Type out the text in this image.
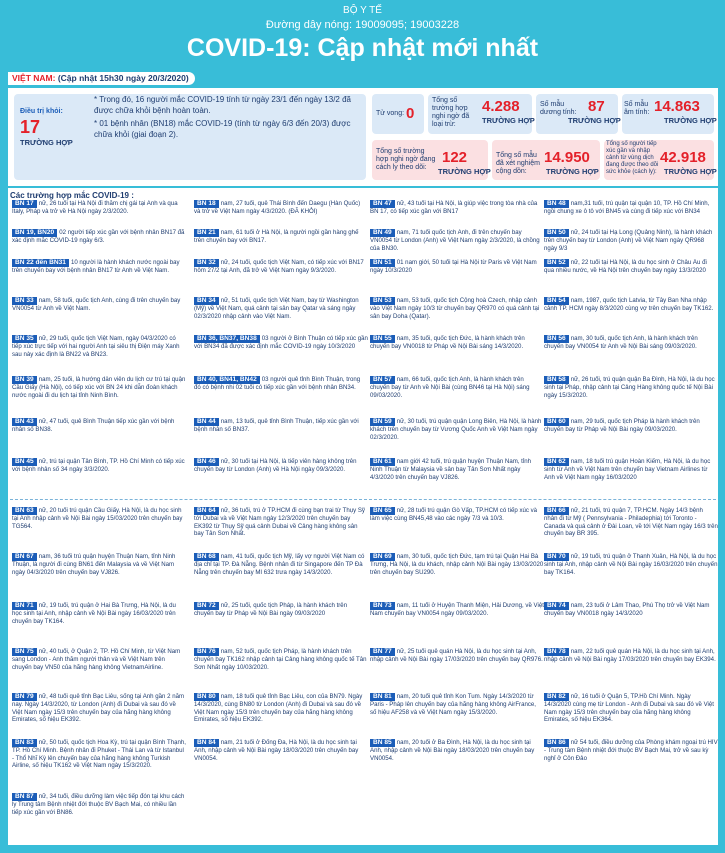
BỘ Y TẾ
Đường dây nóng: 19009095; 19003228
COVID-19: Cập nhật mới nhất
VIỆT NAM: (Cập nhật 15h30 ngày 20/3/2020)
Điều trị khỏi:
17
TRƯỜNG HỢP

* Trong đó, 16 người mắc COVID-19 tính từ ngày 23/1 đến ngày 13/2 đã được chữa khỏi bệnh hoàn toàn.

* 01 bệnh nhân (BN18) mắc COVID-19 (tính từ ngày 6/3 đến 20/3) được chữa khỏi (giai đoạn 2).

Tử vong: 0
Tổng số trường hợp nghi ngờ đã loại trừ:
4.288
TRƯỜNG HỢP
Số mẫu dương tính: 87
TRƯỜNG HỢP
Số mẫu âm tính: 14.863
TRƯỜNG HỢP
Tổng số trường hợp nghi ngờ đang cách ly theo dõi:
122
TRƯỜNG HỢP
Tổng số mẫu đã xét nghiệm cộng dồn:
14.950
TRƯỜNG HỢP
Tổng số người tiếp xúc gần và nhập cảnh từ vùng dịch đang được theo dõi sức khỏe (cách ly):
42.918
TRƯỜNG HỢP
Các trường hợp mắc COVID-19 :
BN 17 nữ, 26 tuổi tại Hà Nội đi thăm chị gái tại Anh và qua Italy, Pháp và trở về Hà Nội ngày 2/3/2020.
BN 18 nam, 27 tuổi, quê Thái Bình đến Daegu (Hàn Quốc) và trở về Việt Nam ngày 4/3/2020. (ĐÃ KHỎI)
BN 47 nữ, 43 tuổi tại Hà Nội, là giúp việc trong tòa nhà của BN 17, có tiếp xúc gần với BN17
BN 48 nam,31 tuổi, trú quận tại quận 10, TP. Hồ Chí Minh, ngồi chung xe ô tô với BN45 và cùng đi tiếp xúc với BN34
BN 19, BN20 02 người tiếp xúc gần với bệnh nhân BN17 đã xác định mắc COVID-19 ngày 6/3.
BN 21 nam, 61 tuổi ở Hà Nội, là người ngồi gần hàng ghế trên chuyến bay với BN17.
BN 49 nam, 71 tuổi quốc tịch Anh, đi trên chuyến bay VN0054 từ London (Anh) về Việt Nam ngày 2/3/2020, là chồng của BN30.
BN 50 nữ, 24 tuổi tại Hạ Long (Quảng Ninh), là hành khách trên chuyến bay từ London (Anh) về Việt Nam ngày QR968 ngày 9/3
BN 22 đến BN31 10 người là hành khách nước ngoài bay trên chuyến bay với bệnh nhân BN17 từ Anh về Việt Nam.
BN 32 nữ, 24 tuổi, quốc tịch Việt Nam, có tiếp xúc với BN17 hôm 27/2 tại Anh, đã trở về Việt Nam ngày 9/3/2020.
BN 51 01 nam giới, 50 tuổi tại Hà Nội từ Paris về Việt Nam ngày 10/3/2020
BN 52 nữ, 22 tuổi tại Hà Nội, là du học sinh ở Châu Âu đi qua nhiều nước, về Hà Nội trên chuyến bay ngày 13/3/2020
BN 33 nam, 58 tuổi, quốc tịch Anh, cùng đi trên chuyến bay VN0054 từ Anh về Việt Nam.
BN 34 nữ, 51 tuổi, quốc tịch Việt Nam, bay từ Washington (Mỹ) về Việt Nam, quá cảnh tại sân bay Qatar và sáng ngày 02/3/2020 nhập cảnh vào Việt Nam.
BN 53 nam, 53 tuổi, quốc tịch Cộng hoà Czech, nhập cảnh vào Việt Nam ngày 10/3 từ chuyến bay QR970 có quá cảnh tại sân bay Doha (Qatar).
BN 54 nam, 1987, quốc tịch Latvia, từ Tây Ban Nha nhập cảnh TP. HCM ngày 8/3/2020 cùng vợ trên chuyến bay TK162.
BN 35 nữ, 29 tuổi, quốc tịch Việt Nam, ngày 04/3/2020 có tiếp xúc trực tiếp với hai người Anh tại siêu thị Điện máy Xanh sau này xác định là BN22 và BN23.
BN 36, BN37, BN38 03 người ở Bình Thuận có tiếp xúc gần với BN34 đã được xác định mắc COVID-19 ngày 10/3/2020
BN 55 nam, 35 tuổi, quốc tịch Đức, là hành khách trên chuyến bay VN0018 từ Pháp về Nội Bài sáng 14/3/2020.
BN 56 nam, 30 tuổi, quốc tịch Anh, là hành khách trên chuyến bay VN0054 từ Anh về Nội Bài sáng 09/03/2020.
BN 39 nam, 25 tuổi, là hướng dẫn viên du lịch cư trú tại quận Cầu Giấy (Hà Nội), có tiếp xúc với BN 24 khi dẫn đoàn khách nước ngoài đi du lịch tại tỉnh Ninh Bình.
BN 40, BN41, BN42 03 người quê tỉnh Bình Thuận, trong đó có bệnh nhi 02 tuổi có tiếp xúc gần với bệnh nhân BN34.
BN 57 nam, 66 tuổi, quốc tịch Anh, là hành khách trên chuyến bay từ Anh về Nội Bài (cùng BN46 tại Hà Nội) sáng 09/03/2020.
BN 58 nữ, 26 tuổi, trú quận quận Ba Đình, Hà Nội, là du học sinh tại Pháp, nhập cảnh tại Cảng Hàng không quốc tế Nội Bài ngày 15/3/2020.
BN 43 nữ, 47 tuổi, quê Bình Thuận tiếp xúc gần với bệnh nhân số BN38.
BN 44 nam, 13 tuổi, quê tỉnh Bình Thuận, tiếp xúc gần với bệnh nhân số BN37.
BN 59 nữ, 30 tuổi, trú quận quận Long Biên, Hà Nội, là hành khách trên chuyến bay từ Vương Quốc Anh về Việt Nam ngày 02/3/2020.
BN 60 nam, 29 tuổi, quốc tịch Pháp là hành khách trên chuyến bay từ Pháp về Nội Bài ngày 09/03/2020.
BN 45 nữ, trú tại quận Tân Bình, TP. Hồ Chí Minh có tiếp xúc với bệnh nhân số 34 ngày 3/3/2020.
BN 46 nữ, 30 tuổi tại Hà Nội, là tiếp viên hàng không trên chuyến bay từ London (Anh) về Hà Nội ngày 09/3/2020.
BN 61 nam giới 42 tuổi, trú quận huyện Thuận Nam, tỉnh Ninh Thuận từ Malaysia về sân bay Tân Sơn Nhất ngày 4/3/2020 trên chuyến bay VJ826.
BN 62 nam, 18 tuổi trú quận Hoàn Kiếm, Hà Nội, là du học sinh từ Anh về Việt Nam trên chuyến bay Vietnam Airlines từ Anh về Việt Nam ngày 16/03/2020
BN 63 nữ, 20 tuổi trú quận Cầu Giấy, Hà Nội, là du học sinh tại Anh nhập cảnh về Nội Bài ngày 15/03/2020 trên chuyến bay TG564.
BN 64 nữ, 36 tuổi, trú ở TP.HCM đi cùng bạn trai từ Thụy Sỹ tới Dubai và về Việt Nam ngày 12/3/2020 trên chuyến bay EK392 từ Thụy Sỹ quá cảnh Dubai về Cảng hàng không sân bay Tân Sơn Nhất.
BN 65 nữ, 28 tuổi trú quận Gò Vấp, TP.HCM có tiếp xúc và làm việc cùng BN45,48 vào các ngày 7/3 và 10/3.
BN 66 nữ, 21 tuổi, trú quận 7, TP.HCM. Ngày 14/3 bệnh nhân đi từ Mỹ ( Pennsylvania - Philadephia) tới Toronto - Canada và quá cảnh ở Đài Loan, về tới Việt Nam ngày 16/3 trên chuyến bay BR 395.
BN 67 nam, 36 tuổi trú quận huyện Thuận Nam, tỉnh Ninh Thuận, là người đi cùng BN61 đến Malaysia và về Việt Nam ngày 04/3/2020 trên chuyến bay VJ826.
BN 68 nam, 41 tuổi, quốc tịch Mỹ, lấy vợ người Việt Nam có địa chỉ tại TP. Đà Nẵng. Bệnh nhân đi từ Singapore đến TP Đà Nẵng trên chuyến bay MI 632 trưa ngày 14/3/2020.
BN 69 nam, 30 tuổi, quốc tịch Đức, tạm trú tại Quận Hai Bà Trưng, Hà Nội, là du khách, nhập cảnh Nội Bài ngày 13/03/2020 trên chuyến bay SU290.
BN 70 nữ, 19 tuổi, trú quận ở Thanh Xuân, Hà Nội, là du học sinh tại Anh, nhập cảnh về Nội Bài ngày 16/03/2020 trên chuyến bay TK164.
BN 71 nữ, 19 tuổi, trú quận ở Hai Bà Trưng, Hà Nội, là du học sinh tại Anh, nhập cảnh về Nội Bài ngày 16/03/2020 trên chuyến bay TK164.
BN 72 nữ, 25 tuổi, quốc tịch Pháp, là hành khách trên chuyến bay từ Pháp về Nội Bài ngày 09/03/2020
BN 73 nam, 11 tuổi ở Huyện Thanh Miện, Hải Dương, về Việt Nam chuyến bay VN0054 ngày 09/03/2020.
BN 74 nam, 23 tuổi ở Lâm Thao, Phú Thọ trở về Việt Nam chuyến bay VN0018 ngày 14/3/2020
BN 75 nữ, 40 tuổi, ở Quận 2, TP. Hồ Chí Minh, từ Việt Nam sang London - Anh thăm người thân và về Việt Nam trên chuyến bay VN50 của hãng hàng không VietnamAirline.
BN 76 nam, 52 tuổi, quốc tịch Pháp, là hành khách trên chuyến bay TK162 nhập cảnh tại Cảng hàng không quốc tế Tân Sơn Nhất ngày 10/03/2020.
BN 77 nữ, 25 tuổi quê quán Hà Nội, là du học sinh tại Anh, nhập cảnh về Nội Bài ngày 17/03/2020 trên chuyến bay QR976.
BN 78 nam, 22 tuổi quê quán Hà Nội, là du học sinh tại Anh, nhập cảnh về Nội Bài ngày 17/03/2020 trên chuyến bay EK394.
BN 79 nữ, 48 tuổi quê tỉnh Bạc Liêu, sống tại Anh gần 2 năm nay. Ngày 14/3/2020, từ London (Anh) đi Dubai và sau đó về Việt Nam ngày 15/3 trên chuyến bay của hãng hàng không Emirates, số hiệu EK392.
BN 80 nam, 18 tuổi quê tỉnh Bạc Liêu, con của BN79. Ngày 14/3/2020, cùng BN80 từ London (Anh) đi Dubai và sau đó về Việt Nam ngày 15/3 trên chuyến bay của hãng hàng không Emirates, số hiệu EK392.
BN 81 nam, 20 tuổi quê tỉnh Kon Tum. Ngày 14/3/2020 từ Paris - Pháp lên chuyến bay của hãng hàng không AirFrance, số hiệu AF258 và về Việt Nam ngày 15/3/2020.
BN 82 nữ, 16 tuổi ở Quận 5, TP.Hồ Chí Minh. Ngày 14/3/2020 cùng mẹ từ London - Anh đi Dubai và sau đó về Việt Nam ngày 15/3 trên chuyến bay của hãng hàng không Emirates, số hiệu EK364.
BN 83 nữ, 50 tuổi, quốc tịch Hoa Kỳ, trú tại quận Bình Thạnh, TP. Hồ Chí Minh. Bệnh nhân đi Phuket - Thái Lan và từ Istanbul - Thổ Nhĩ Kỳ lên chuyến bay của hãng hàng không Turkish Airline, số hiệu TK162 về Việt Nam ngày 15/3/2020.
BN 84 nam, 21 tuổi ở Đống Đa, Hà Nội, là du học sinh tại Anh, nhập cảnh về Nội Bài ngày 18/03/2020 trên chuyến bay VN0054.
BN 85 nam, 20 tuổi ở Ba Đình, Hà Nội, là du học sinh tại Anh, nhập cảnh về Nội Bài ngày 18/03/2020 trên chuyến bay VN0054.
BN 86 nữ 54 tuổi, điều dưỡng của Phòng khám ngoại trú HIV - Trung tâm Bệnh nhiệt đới thuộc BV Bạch Mai, trở về sau kỳ nghỉ ở Côn Đảo
BN 87 nữ, 34 tuổi, điều dưỡng làm việc tiếp đón tại khu cách ly Trung tâm Bệnh nhiệt đới thuộc BV Bạch Mai, có nhiều lần tiếp xúc gần với BN86.
